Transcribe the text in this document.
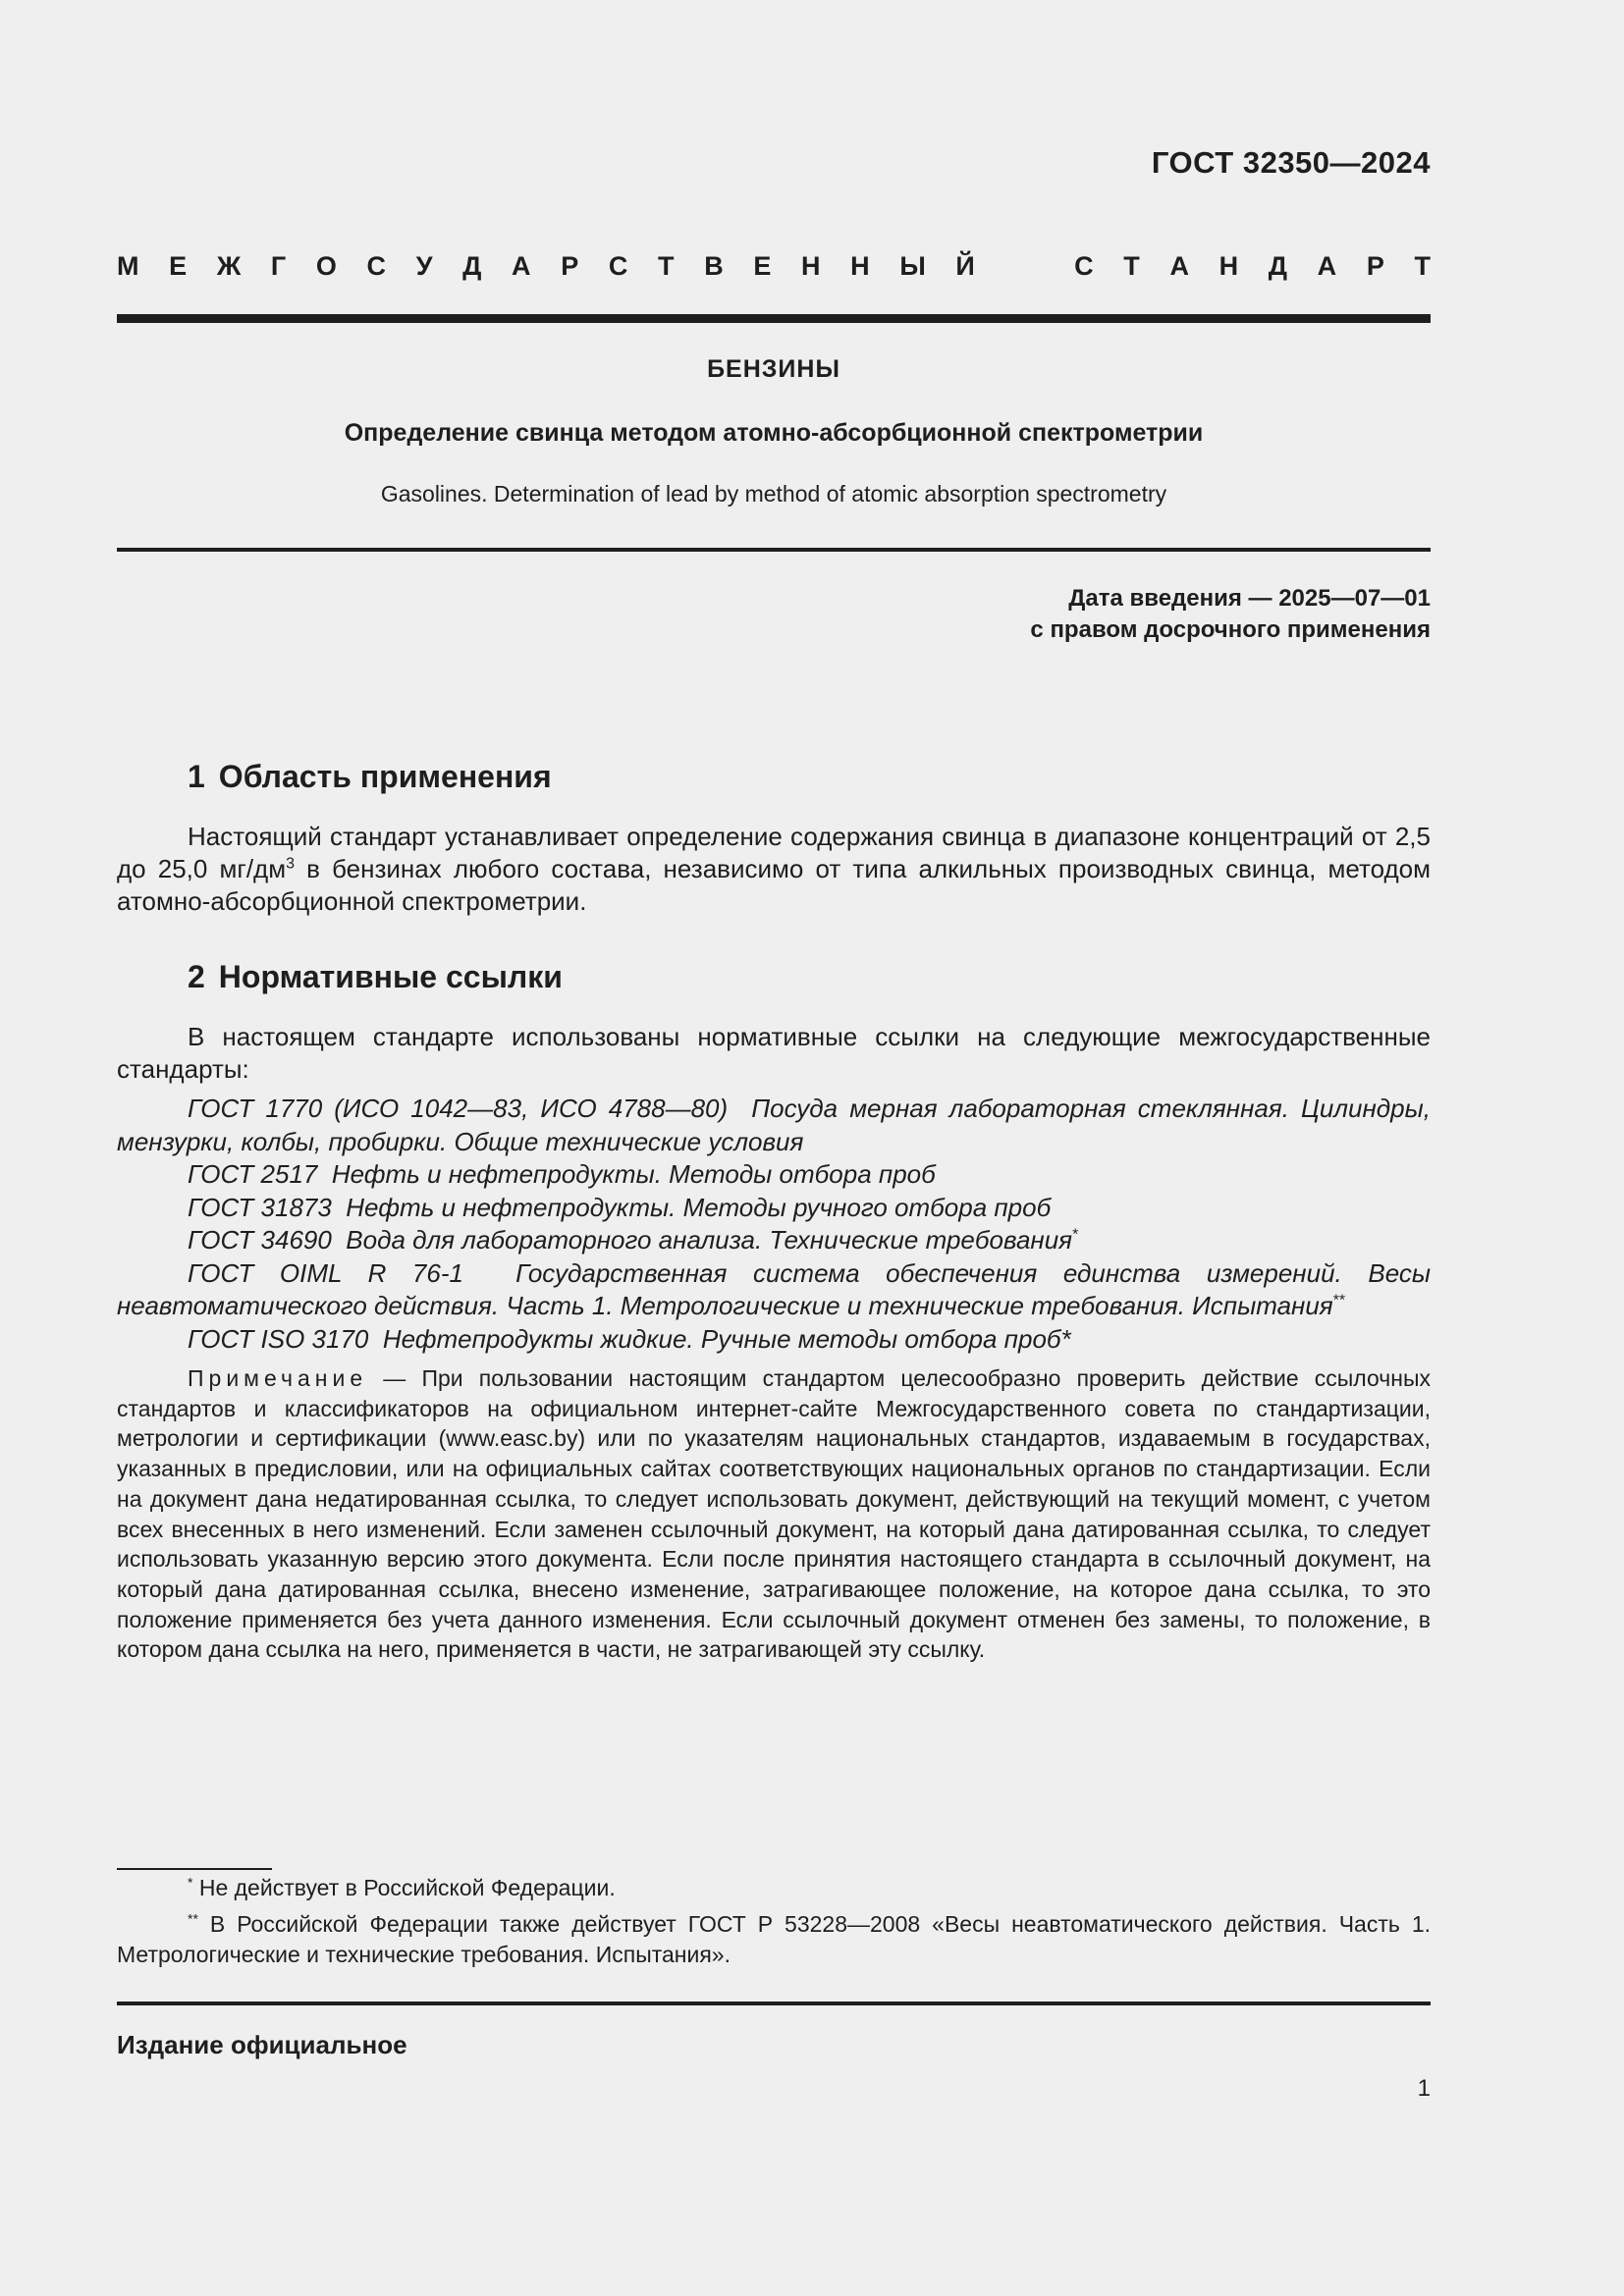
ГОСТ 32350—2024
М Е Ж Г О С У Д А Р С Т В Е Н Н Ы Й	С Т А Н Д А Р Т
БЕНЗИНЫ
Определение свинца методом атомно-абсорбционной спектрометрии
Gasolines. Determination of lead by method of atomic absorption spectrometry
Дата введения — 2025—07—01
с правом досрочного применения
1 Область применения

Настоящий стандарт устанавливает определение содержания свинца в диапазоне концентраций от 2,5 до 25,0 $мг/дм^3$ в бензинах любого состава, независимо от типа алкильных производных свинца, методом атомно-абсорбционной спектрометрии.

2 Нормативные ссылки

В настоящем стандарте использованы нормативные ссылки на следующие межгосударственные стандарты:

ГОСТ 1770 (ИСО 1042—83, ИСО 4788—80) Посуда мерная лабораторная стеклянная. Цилиндры, мензурки, колбы, пробирки. Общие технические условия

ГОСТ 2517 Нефть и нефтепродукты. Методы отбора проб

ГОСТ 31873 Нефть и нефтепродукты. Методы ручного отбора проб

ГОСТ 34690 Вода для лабораторного анализа. Технические требования*

ГОСТ OIML R 76-1 Государственная система обеспечения единства измерений. Весы неавтоматического действия. Часть 1. Метрологические и технические требования. Испытания**

ГОСТ ISO 3170 Нефтепродукты жидкие. Ручные методы отбора проб*

Примечание — При пользовании настоящим стандартом целесообразно проверить действие ссылочных стандартов и классификаторов на официальном интернет-сайте Межгосударственного совета по стандартизации, метрологии и сертификации (www.easc.by) или по указателям национальных стандартов, издаваемым в государствах, указанных в предисловии, или на официальных сайтах соответствующих национальных органов по стандартизации. Если на документ дана недатированная ссылка, то следует использовать документ, действующий на текущий момент, с учетом всех внесенных в него изменений. Если заменен ссылочный документ, на который дана датированная ссылка, то следует использовать указанную версию этого документа. Если после принятия настоящего стандарта в ссылочный документ, на который дана датированная ссылка, внесено изменение, затрагивающее положение, на которое дана ссылка, то это положение применяется без учета данного изменения. Если ссылочный документ отменен без замены, то положение, в котором дана ссылка на него, применяется в части, не затрагивающей эту ссылку.

* Не действует в Российской Федерации.

** В Российской Федерации также действует ГОСТ Р 53228—2008 «Весы неавтоматического действия. Часть 1. Метрологические и технические требования. Испытания».

Издание официальное
1
